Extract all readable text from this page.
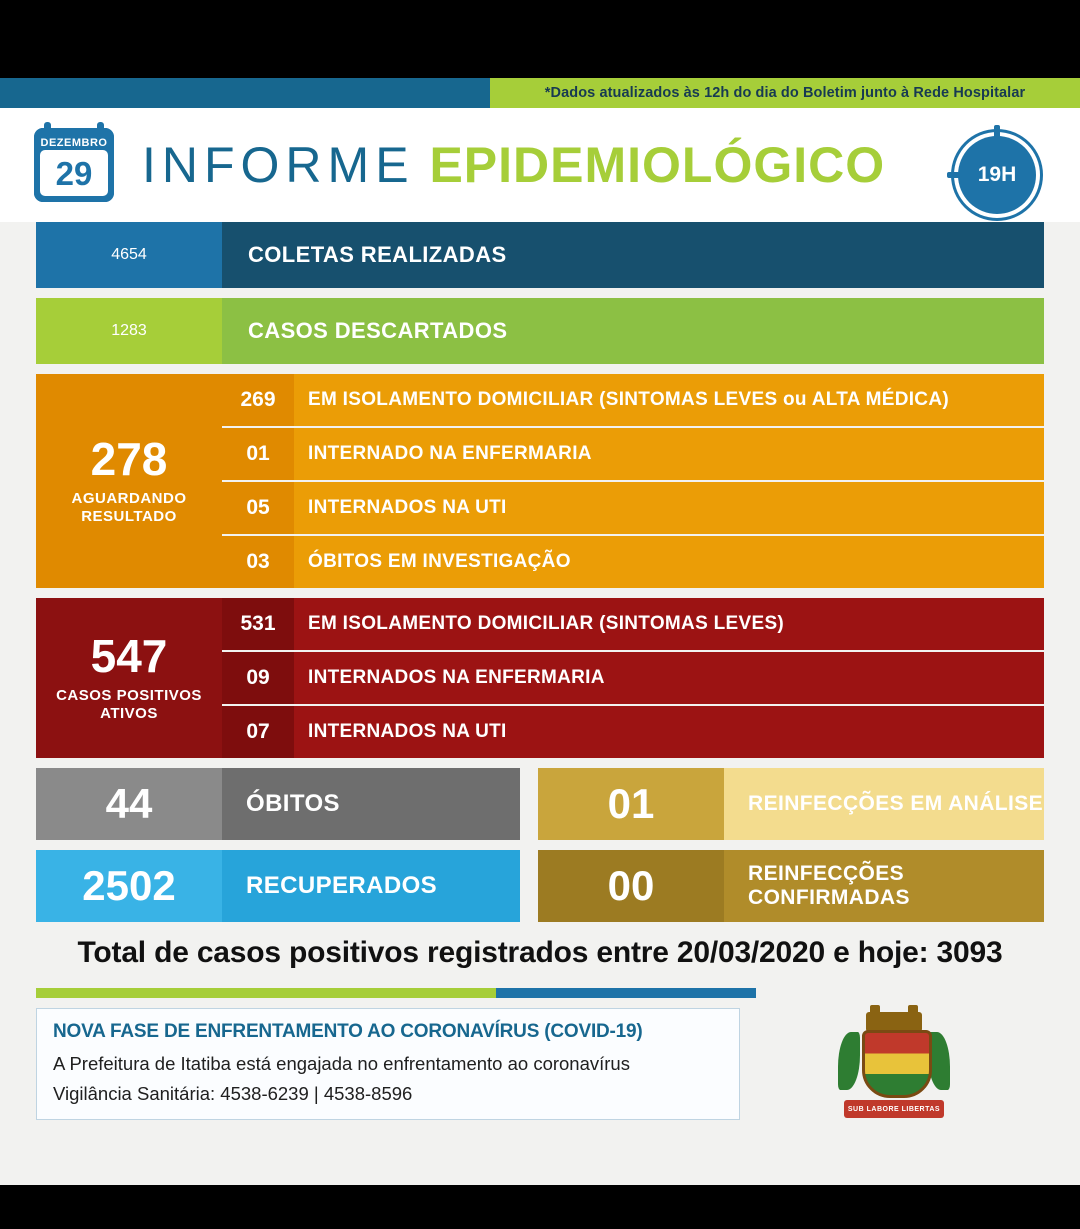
*Dados atualizados às 12h do dia do Boletim junto à Rede Hospitalar
DEZEMBRO
29 INFORME EPIDEMIOLÓGICO	19H
4654	COLETAS REALIZADAS
1283	CASOS DESCARTADOS
278
AGUARDANDO
RESULTADO
269	EM ISOLAMENTO DOMICILIAR (SINTOMAS LEVES ou ALTA MÉDICA)
01	INTERNADO NA ENFERMARIA
05	INTERNADOS NA UTI
03	ÓBITOS EM INVESTIGAÇÃO
547
CASOS POSITIVOS
ATIVOS
531	EM ISOLAMENTO DOMICILIAR (SINTOMAS LEVES)
09	INTERNADOS NA ENFERMARIA
07	INTERNADOS NA UTI
44	ÓBITOS	01	REINFECÇÕES EM ANÁLISE
2502	RECUPERADOS	00	REINFECÇÕES CONFIRMADAS
Total de casos positivos registrados entre 20/03/2020 e hoje: 3093
NOVA FASE DE ENFRENTAMENTO AO CORONAVÍRUS (COVID-19)

A Prefeitura de Itatiba está engajada no enfrentamento ao coronavírus

Vigilância Sanitária: 4538-6239 | 4538-8596

SUB LABORE LIBERTAS
